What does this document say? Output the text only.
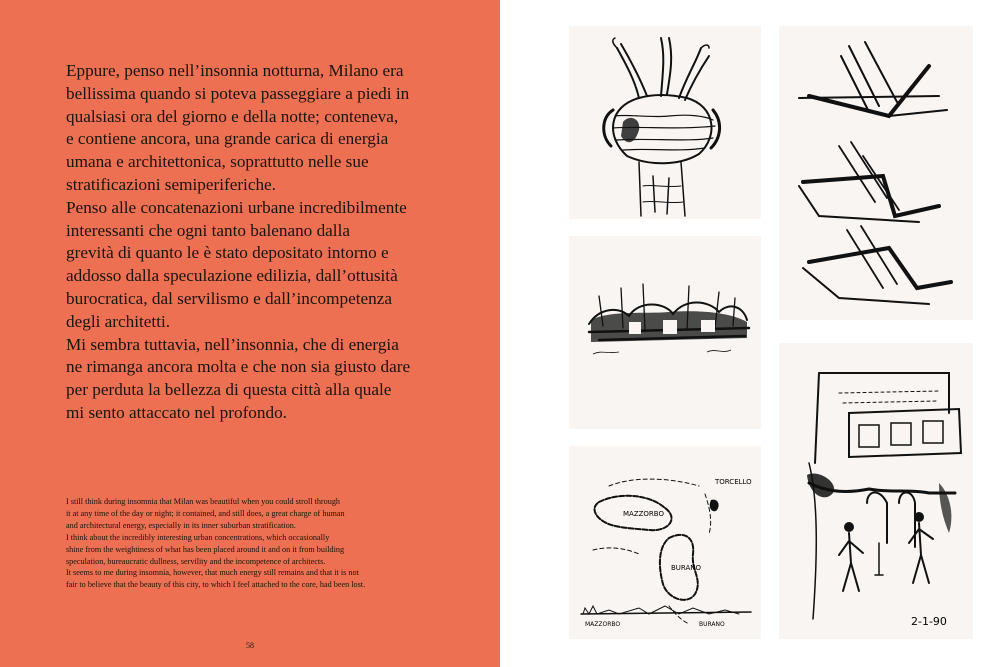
Eppure, penso nell’insonnia notturna, Milano era
bellissima quando si poteva passeggiare a piedi in
qualsiasi ora del giorno e della notte; conteneva,
e contiene ancora, una grande carica di energia
umana e architettonica, soprattutto nelle sue
stratificazioni semiperiferiche.

Penso alle concatenazioni urbane incredibilmente
interessanti che ogni tanto balenano dalla
grevità di quanto le è stato depositato intorno e
addosso dalla speculazione edilizia, dall’ottusità
burocratica, dal servilismo e dall’incompetenza
degli architetti.

Mi sembra tuttavia, nell’insonnia, che di energia
ne rimanga ancora molta e che non sia giusto dare
per perduta la bellezza di questa città alla quale
mi sento attaccato nel profondo.

I still think during insomnia that Milan was beautiful when you could stroll through
it at any time of the day or night; it contained, and still does, a great charge of human
and architectural energy, especially in its inner suburban stratification.

I think about the incredibly interesting urban concentrations, which occasionally
shine from the weightiness of what has been placed around it and on it from building
speculation, bureaucratic dullness, servility and the incompetence of architects.

It seems to me during insomnia, however, that much energy still remains and that it is not
fair to believe that the beauty of this city, to which I feel attached to the core, had been lost.

58
TORCELLO
MAZZORBO
BURANO
MAZZORBO	BURANO	2-1-90
